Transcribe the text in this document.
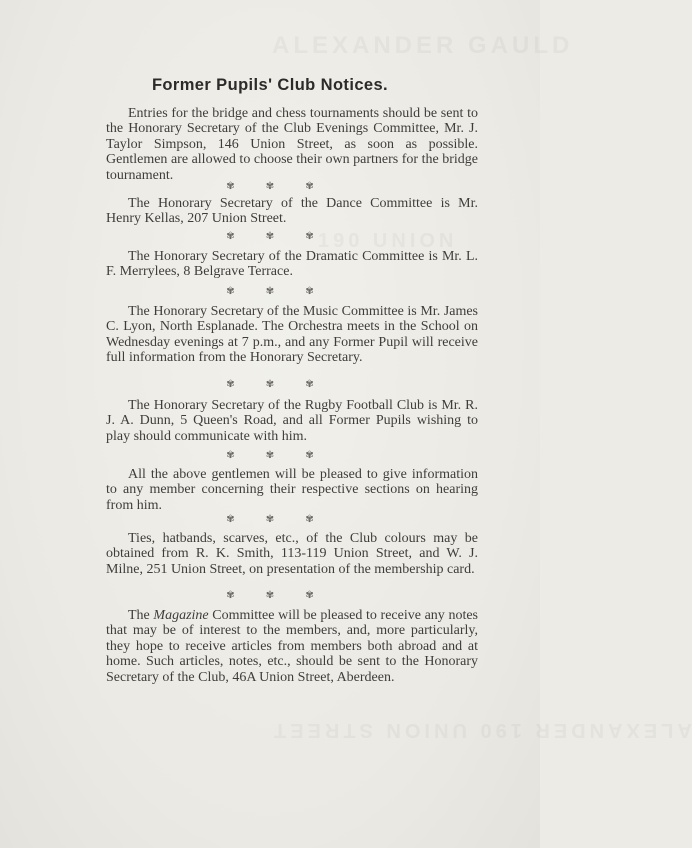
ALEXANDER GAULD
190 UNION
ALEXANDER 190 UNION STREET
Former Pupils' Club Notices.

Entries for the bridge and chess tournaments should be sent to the Honorary Secretary of the Club Evenings Committee, Mr. J. Taylor Simpson, 146 Union Street, as soon as possible. Gentlemen are allowed to choose their own partners for the bridge tournament.

✾ ✾ ✾

The Honorary Secretary of the Dance Committee is Mr. Henry Kellas, 207 Union Street.

✾ ✾ ✾

The Honorary Secretary of the Dramatic Committee is Mr. L. F. Merrylees, 8 Belgrave Terrace.

✾ ✾ ✾

The Honorary Secretary of the Music Committee is Mr. James C. Lyon, North Esplanade. The Orchestra meets in the School on Wednesday evenings at 7 p.m., and any Former Pupil will receive full information from the Honorary Secretary.

✾ ✾ ✾

The Honorary Secretary of the Rugby Football Club is Mr. R. J. A. Dunn, 5 Queen's Road, and all Former Pupils wishing to play should communicate with him.

✾ ✾ ✾

All the above gentlemen will be pleased to give information to any member concerning their respective sections on hearing from him.

✾ ✾ ✾

Ties, hatbands, scarves, etc., of the Club colours may be obtained from R. K. Smith, 113-119 Union Street, and W. J. Milne, 251 Union Street, on presentation of the membership card.

✾ ✾ ✾

The Magazine Committee will be pleased to receive any notes that may be of interest to the members, and, more particularly, they hope to receive articles from members both abroad and at home. Such articles, notes, etc., should be sent to the Honorary Secretary of the Club, 46A Union Street, Aberdeen.
